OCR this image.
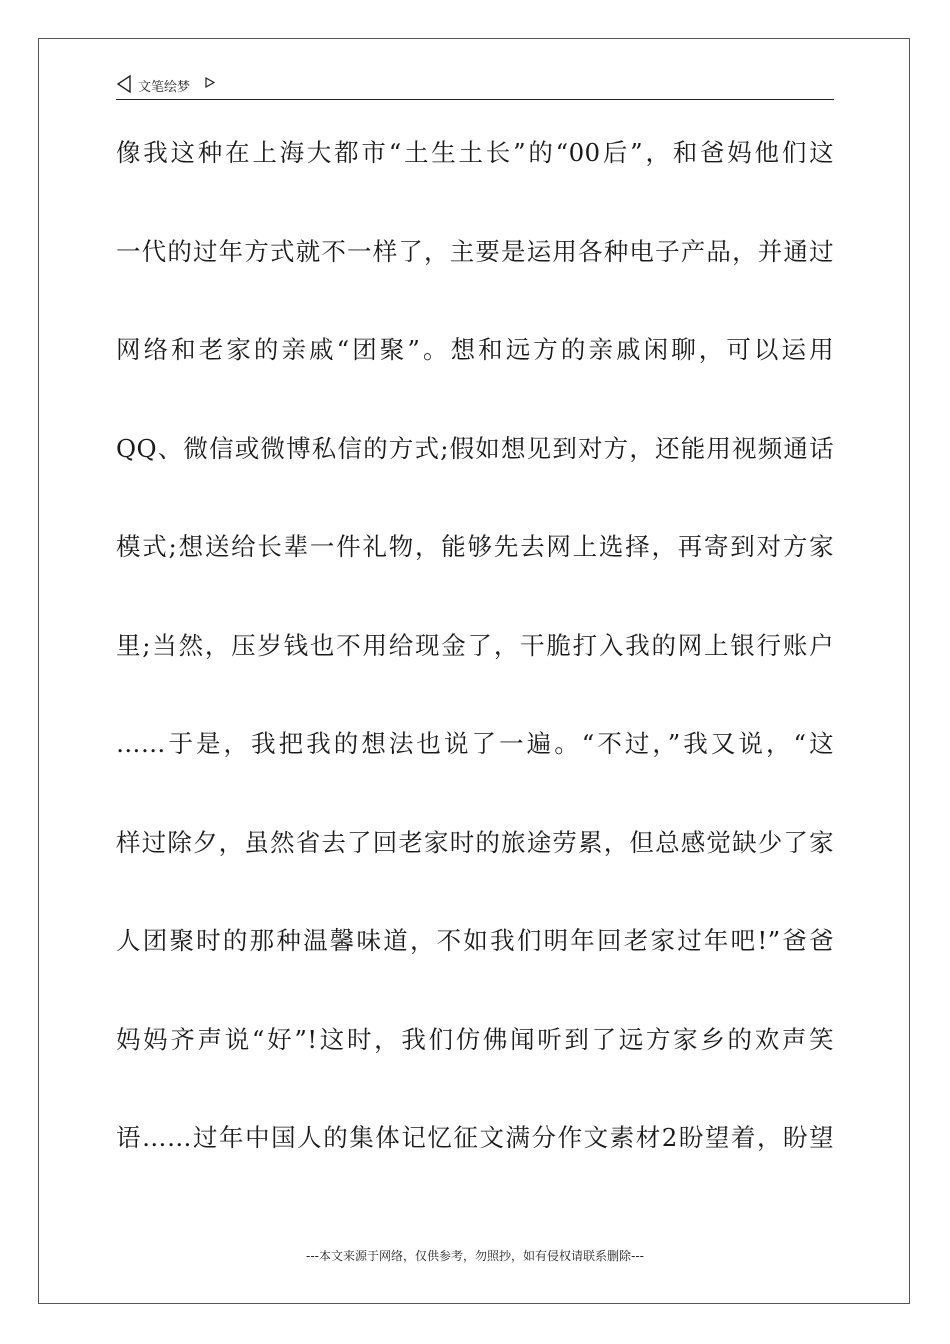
文笔绘梦
像我这种在上海大都市“土生土长”的“00后”，和爸妈他们这
一代的过年方式就不一样了，主要是运用各种电子产品，并通过
网络和老家的亲戚“团聚”。想和远方的亲戚闲聊，可以运用
QQ、微信或微博私信的方式;假如想见到对方，还能用视频通话
模式;想送给长辈一件礼物，能够先去网上选择，再寄到对方家
里;当然，压岁钱也不用给现金了，干脆打入我的网上银行账户
……于是，我把我的想法也说了一遍。“不过，”我又说，“这
样过除夕，虽然省去了回老家时的旅途劳累，但总感觉缺少了家
人团聚时的那种温馨味道，不如我们明年回老家过年吧!”爸爸
妈妈齐声说“好”!这时，我们仿佛闻听到了远方家乡的欢声笑
语……过年中国人的集体记忆征文满分作文素材2盼望着，盼望
---本文来源于网络，仅供参考，勿照抄，如有侵权请联系删除---
